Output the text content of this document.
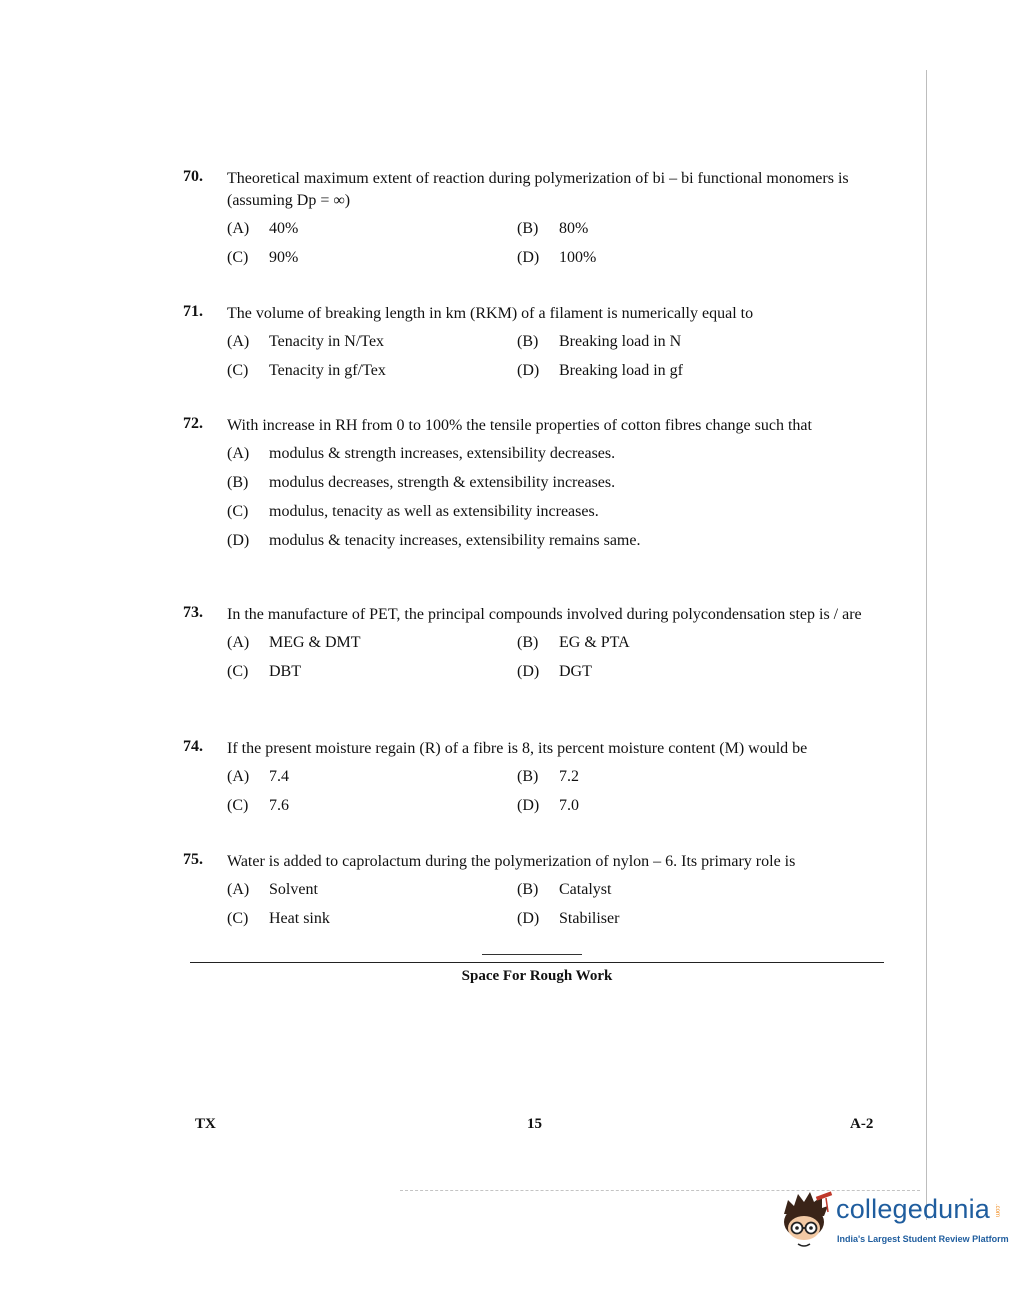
70.	Theoretical maximum extent of reaction during polymerization of bi – bi functional monomers is (assuming Dp = ∞)
(A)	40%	(B)	80%
(C)	90%	(D)	100%
71.	The volume of breaking length in km (RKM) of a filament is numerically equal to
(A)	Tenacity in N/Tex	(B)	Breaking load in N
(C)	Tenacity in gf/Tex	(D)	Breaking load in gf
72.	With increase in RH from 0 to 100% the tensile properties of cotton fibres change such that
(A)	modulus & strength increases, extensibility decreases.
(B)	modulus decreases, strength & extensibility increases.
(C)	modulus, tenacity as well as extensibility increases.
(D)	modulus & tenacity increases, extensibility remains same.
73.	In the manufacture of PET, the principal compounds involved during polycondensation step is / are
(A)	MEG & DMT	(B)	EG & PTA
(C)	DBT	(D)	DGT
74.	If the present moisture regain (R) of a fibre is 8, its percent moisture content (M) would be
(A)	7.4	(B)	7.2
(C)	7.6	(D)	7.0
75.	Water is added to caprolactum during the polymerization of nylon – 6. Its primary role is
(A)	Solvent	(B)	Catalyst
(C)	Heat sink	(D)	Stabiliser
Space For Rough Work
TX	15	A-2
collegedunia .com
India's Largest Student Review Platform
